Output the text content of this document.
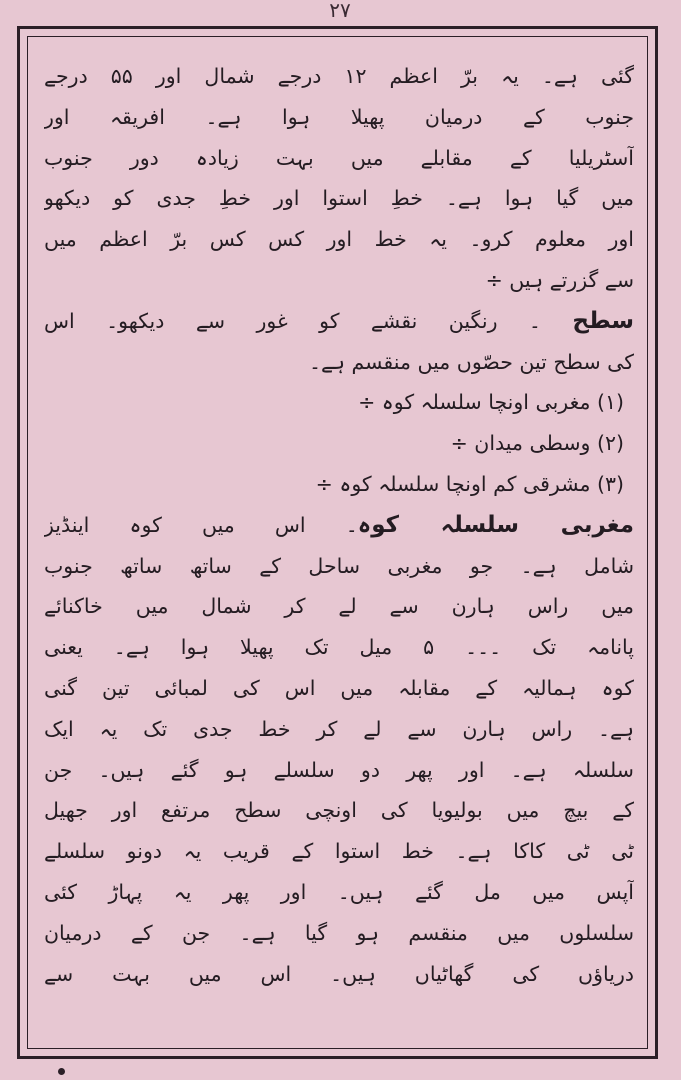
۲۷
گئی ہے۔ یہ برّ اعظم ۱۲ درجے شمال اور ۵۵ درجے
جنوب کے درمیان پھیلا ہوا ہے۔ افریقہ اور
آسٹریلیا کے مقابلے میں بہت زیادہ دور جنوب
میں گیا ہوا ہے۔ خطِ استوا اور خطِ جدی کو دیکھو
اور معلوم کرو۔ یہ خط اور کس کس برّ اعظم میں
سے گزرتے ہیں ÷
سطح ۔ رنگین نقشے کو غور سے دیکھو۔ اس
کی سطح تین حصّوں میں منقسم ہے۔
(۱) مغربی اونچا سلسلہ کوہ ÷
(۲) وسطی میدان ÷
(۳) مشرقی کم اونچا سلسلہ کوہ ÷
مغربی سلسلہ کوہ۔ اس میں کوہ اینڈیز
شامل ہے۔ جو مغربی ساحل کے ساتھ ساتھ جنوب
میں راس ہارن سے لے کر شمال میں خاکنائے
پانامہ تک ۔۔۔ ۵ میل تک پھیلا ہوا ہے۔ یعنی
کوہ ہمالیہ کے مقابلہ میں اس کی لمبائی تین گنی
ہے۔ راس ہارن سے لے کر خط جدی تک یہ ایک
سلسلہ ہے۔ اور پھر دو سلسلے ہو گئے ہیں۔ جن
کے بیچ میں بولیویا کی اونچی سطح مرتفع اور جھیل
ٹی ٹی کاکا ہے۔ خط استوا کے قریب یہ دونو سلسلے
آپس میں مل گئے ہیں۔ اور پھر یہ پہاڑ کئی
سلسلوں میں منقسم ہو گیا ہے۔ جن کے درمیان
دریاؤں کی گھاٹیاں ہیں۔ اس میں بہت سے
